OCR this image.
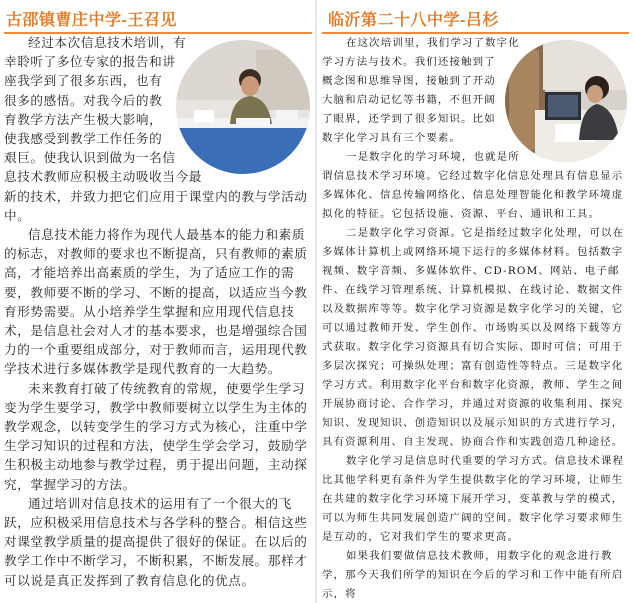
古邵镇曹庄中学-王召见

经过本次信息技术培训，有幸聆听了多位专家的报告和讲座我学到了很多东西，也有很多的感悟。对我今后的教育教学方法产生极大影响，使我感受到教学工作任务的艰巨。使我认识到做为一名信息技术教师应积极主动吸收当今最新的技术，并致力把它们应用于课堂内的教与学活动中。

信息技术能力将作为现代人最基本的能力和素质的标志，对教师的要求也不断提高，只有教师的素质高，才能培养出高素质的学生，为了适应工作的需要，教师要不断的学习、不断的提高，以适应当今教育形势需要。从小培养学生掌握和应用现代信息技术，是信息社会对人才的基本要求，也是增强综合国力的一个重要组成部分，对于教师而言，运用现代教学技术进行多媒体教学是现代教育的一大趋势。

未来教育打破了传统教育的常规，使要学生学习变为学生要学习，教学中教师要树立以学生为主体的教学观念，以转变学生的学习方式为核心，注重中学生学习知识的过程和方法，使学生学会学习，鼓励学生积极主动地参与教学过程，勇于提出问题，主动探究，掌握学习的方法。

通过培训对信息技术的运用有了一个很大的飞跃，应积极采用信息技术与各学科的整合。相信这些对课堂教学质量的提高提供了很好的保证。在以后的教学工作中不断学习，不断积累，不断发展。那样才可以说是真正发挥到了教育信息化的优点。

临沂第二十八中学-吕杉

在这次培训里，我们学习了数字化学习方法与技术。我们还接触到了概念图和思维导图，接触到了开动大脑和启动记忆等书籍，不但开阔了眼界，还学到了很多知识。比如数字化学习具有三个要素。

一是数字化的学习环境，也就是所谓信息技术学习环境。它经过数字化信息处理具有信息显示多媒体化、信息传输网络化、信息处理智能化和教学环境虚拟化的特征。它包括设施、资源、平台、通讯和工具。

二是数字化学习资源。它是指经过数字化处理，可以在多媒体计算机上或网络环境下运行的多媒体材料。包括数字视频、数字音频、多媒体软件、CD-ROM、网站、电子邮件、在线学习管理系统、计算机模拟、在线讨论、数据文件以及数据库等等。数字化学习资源是数字化学习的关键，它可以通过教师开发、学生创作、市场购买以及网络下载等方式获取。数字化学习资源具有切合实际、即时可信；可用于多层次探究；可操纵处理；富有创造性等特点。三是数字化学习方式。利用数字化平台和数字化资源，教师、学生之间开展协商讨论、合作学习，并通过对资源的收集利用、探究知识、发现知识、创造知识以及展示知识的方式进行学习，具有资源利用、自主发现、协商合作和实践创造几种途径。

数字化学习是信息时代重要的学习方式。信息技术课程比其他学科更有条件为学生提供数字化的学习环境，让师生在共建的数字化学习环境下展开学习，变革教与学的模式，可以为师生共同发展创造广阔的空间。数字化学习要求师生是互动的，它对我们学生的要求更高。

如果我们要做信息技术教师，用数字化的观念进行教学，那今天我们所学的知识在今后的学习和工作中能有所启示，将
